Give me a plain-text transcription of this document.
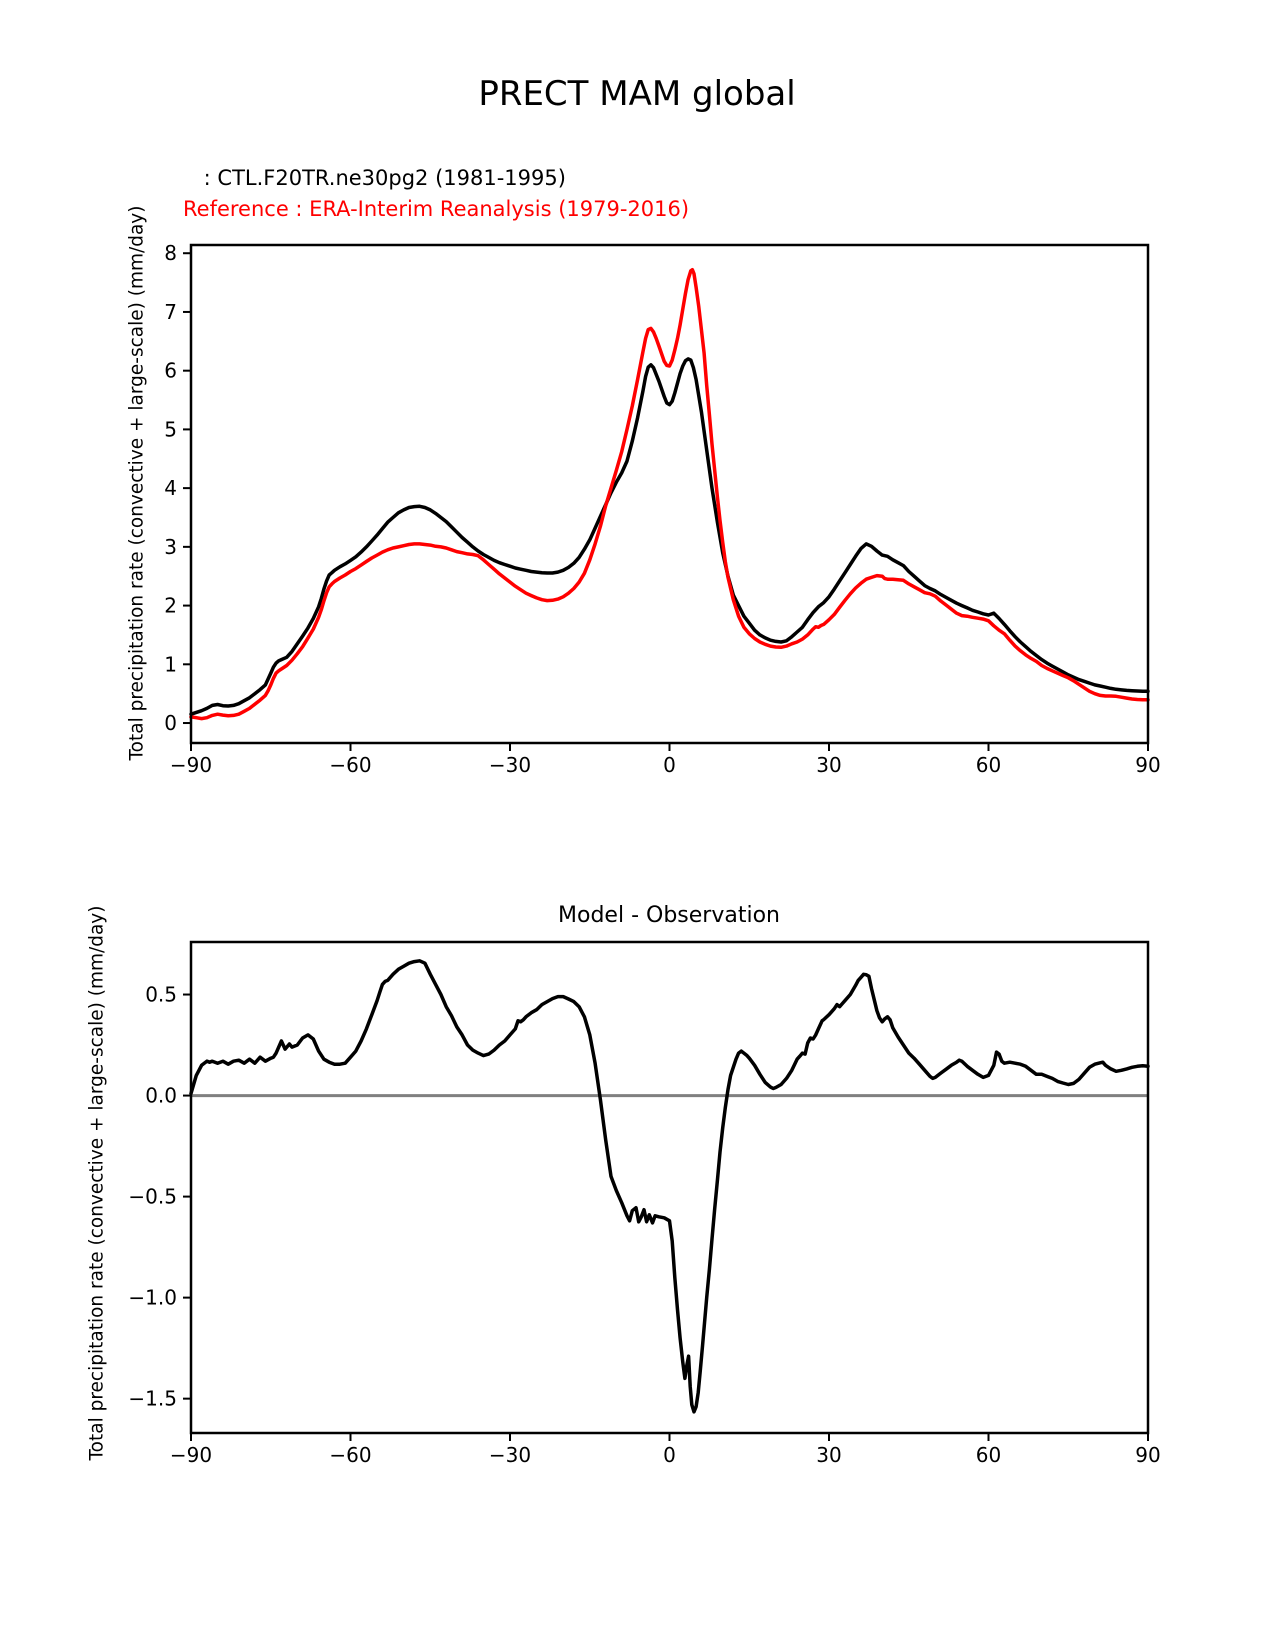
PRECT MAM global
: CTL.F20TR.ne30pg2 (1981-1995)
Reference : ERA-Interim Reanalysis (1979-2016)
Total precipitation rate (convective + large-scale) (mm/day)
Total precipitation rate (convective + large-scale) (mm/day)	Model - Observation
−90	−60	−30	0	30	60	90
0
1
2
3
4
5
6
7
8
−90	−60	−30	0	30	60	90
0.5
0.0
−0.5
−1.0
−1.5
